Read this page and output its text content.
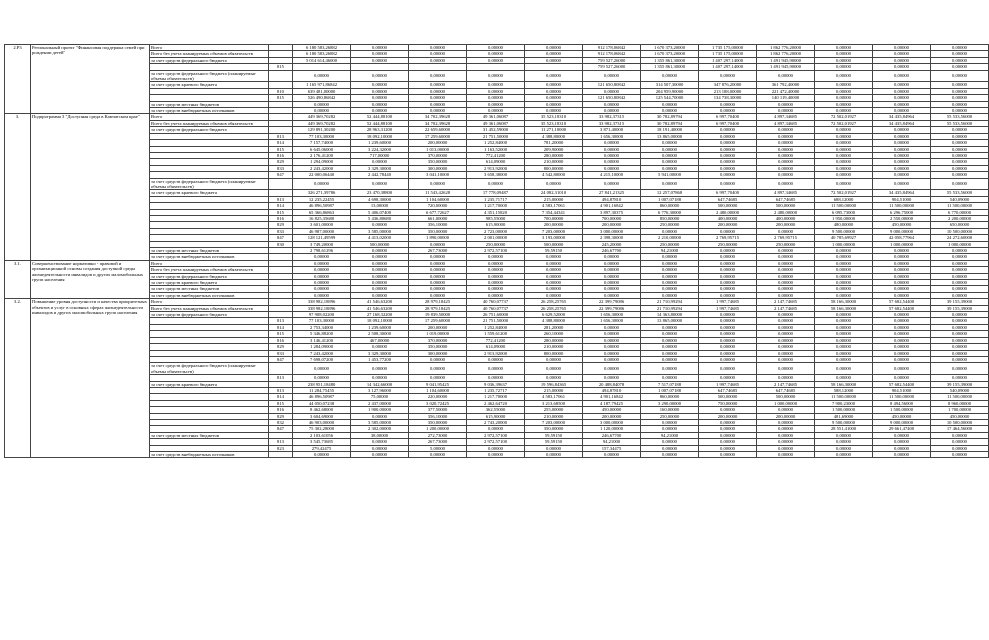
2.Р3	Региональный проект "Финансовая поддержка семей при рождении детей"	Всего		6 180 583,26882	0,00000	0,00000	0,00000	0,00000	912 178,06842	1 670 373,20000	1 735 175,00000	1 862 776,20000	0,00000	0,00000	0,00000
		Всего без учета планируемых объемов обязательств		6 180 583,26882	0,00000	0,00000	0,00000	0,00000	912 178,06842	1 670 373,20000	1 735 175,00000	1 862 776,20000	0,00000	0,00000	0,00000
		за счет средств федерального бюджета		5 014 614,46000	0,00000	0,00000	0,00000	0,00000	759 527,26000	1 355 861,30000	1 407 297,14000	1 491 945,90000	0,00000	0,00000	0,00000
			815						759 527,26000	1 355 861,30000	1 407 297,14000	1 491 945,90000	0,00000	0,00000	0,00000
		за счет средств федерального бюджета (планируемые объемы обязательств)		0,00000	0,00000	0,00000	0,00000	0,00000	0,00000	0,00000	0,00000	0,00000	0,00000	0,00000	0,00000
		за счет средств краевого бюджета		1 165 971,86842	0,00000	0,00000	0,00000	0,00000	121 650,80842	314 507,30000	347 876,20000	361 792,40000	0,00000	0,00000	0,00000
			810	639 481,00000	0,00000	0,00000	0,00000	0,00000	0,00000	204 959,90000	213 188,00000	221 472,40000	0,00000	0,00000	0,00000
			815	526 490,86842	0,00000	0,00000	0,00000	0,00000	121 650,80842	125 544,70000	134 738,30000	140 119,40000	0,00000	0,00000	0,00000
		за счет средств местных бюджетов		0,00000	0,00000	0,00000	0,00000	0,00000	0,00000	0,00000	0,00000	0,00000	0,00000	0,00000	0,00000
		за счет средств внебюджетных источников		0,00000	0,00000	0,00000	0,00000	0,00000	0,00000	0,00000	0,00000	0,00000	0,00000	0,00000	0,00000
3.	Подпрограмма 3 "Доступная среда в Камчатском крае"	Всего		449 369,70282	52 444,88100	34 702,39628	49 361,06087	35 523,18310	33 982,37315	30 782,89794	6 997,70400	4 897,34685	72 502,01927	34 435,84964	55 533,56000
		Всего без учета планируемых объемов обязательств		449 369,70282	52 444,88100	34 702,39628	49 361,06087	35 523,18310	33 982,37315	30 782,89794	6 997,70400	4 897,34685	72 502,01927	34 435,84964	55 533,56000
		за счет средств федерального бюджета		129 891,30200	28 963,31200	22 659,60000	31 452,59000	11 271,10000	3 871,40000	18 191,40000	0,00000	0,00000	0,00000	0,00000	0,00000
			813	77 103,30000	18 092,10000	17 259,60000	21 751,50000	4 388,80000	1 656,30000	13 865,00000	0,00000	0,00000	0,00000	0,00000	0,00000
			814	7 157,74000	1 239,60000	200,00000	1 252,84000	781,20000	0,00000	0,00000	0,00000	0,00000	0,00000	0,00000	0,00000
			815	6 645,06000	3 224,32000	1 013,00000	1 163,52000	209,90000	0,00000	0,00000	0,00000	0,00000	0,00000	0,00000	0,00000
			816	2 176,41200	717,00000	370,00000	772,41200	280,00000	0,00000	0,00000	0,00000	0,00000	0,00000	0,00000	0,00000
			829	1 294,09000	0,00000	350,00000	614,09000	210,00000	0,00000	0,00000	0,00000	0,00000	0,00000	0,00000	0,00000
			833	2 243,42000	3 329,30000	300,00000	2 913,92000	800,00000	0,00000	0,00000	0,00000	0,00000	0,00000	0,00000	0,00000
			847	22 000,06440	2 442,78440	3 041,10000	3 658,38000	4 542,80000	4 215,10000	5 941,00000	0,00000	0,00000	0,00000	0,00000	0,00000
		за счет средств федерального бюджета (планируемые объемы обязательств)		0,00000	0,00000	0,00000	0,00000	0,00000	0,00000	0,00000	0,00000	0,00000	0,00000	0,00000	0,00000
		за счет средств краевого бюджета		326 271,39786	23 470,38800	11 543,42628	17 778,09487	24 082,31010	27 841,21325	12 257,07868	6 997,70400	4 897,34685	72 502,01927	34 435,84964	55 533,56000
			813	12 235,22455	4 698,30000	1 104,60000	1 235,71717	215,00000	494,87810	1 007,07188	647,74685	647,74685	688,12000	904,51000	540,09000
			814	46 896,50987	13,00000	720,00000	1 217,70000	4 583,17061	4 901,16842	860,00000	500,00000	500,00000	11 500,00000	11 500,00000	11 500,00000
			815	65 366,86863	5 406,07400	6 677,72627	4 351,15820	7 354,44341	3 897,30375	6 776,30000	2 480,00000	2 480,00000	6 095,73000	6 296,75000	6 770,00000
			816	16 825,35680	5 436,80680	661,00000	985,55000	700,00000	700,00000	850,00000	400,00000	400,00000	1 950,00000	2 550,00000	2 200,00000
			829	3 601,00000	0,00000	356,10000	615,90000	200,00000	200,00000	250,00000	200,00000	200,00000	480,00000	450,00000	650,00000
			833	46 987,00000	3 585,00000	350,00000	2 723,00000	7 203,00000	3 000,00000	0,00000	0,00000	0,00000	9 500,00000	9 000,00000	10 500,00000
			847	128 121,49599	4 413,02000	1 890,00000	2 001,00000	3 193,00000	2 398,30000	2 210,00000	2 769,95715	2 769,95715	40 785,69927	42 058,77964	24 272,60000
			830	3 749,20000	500,00000	0,00000	250,00000	500,00000	245,20000	250,00000	250,00000	250,00000	1 000,00000	1 000,00000	1 000,00000
		за счет средств местных бюджетов		2 798,61296	0,00000	267,73000	2 972,57100	59,59150	246,67700	94,21000	0,00000	0,00000	0,00000	0,00000	0,00000
		за счет средств внебюджетных источников		0,00000	0,00000	0,00000	0,00000	0,00000	0,00000	0,00000	0,00000	0,00000	0,00000	0,00000	0,00000
3.1.	Совершенствование нормативно - правовой и организационной основы создания доступной среды жизнедеятельности инвалидов и других маломобильных групп населения	Всего		0,00000	0,00000	0,00000	0,00000	0,00000	0,00000	0,00000	0,00000	0,00000	0,00000	0,00000	0,00000
		Всего без учета планируемых объемов обязательств		0,00000	0,00000	0,00000	0,00000	0,00000	0,00000	0,00000	0,00000	0,00000	0,00000	0,00000	0,00000
		за счет средств федерального бюджета		0,00000	0,00000	0,00000	0,00000	0,00000	0,00000	0,00000	0,00000	0,00000	0,00000	0,00000	0,00000
		за счет средств краевого бюджета		0,00000	0,00000	0,00000	0,00000	0,00000	0,00000	0,00000	0,00000	0,00000	0,00000	0,00000	0,00000
		за счет средств местных бюджетов		0,00000	0,00000	0,00000	0,00000	0,00000	0,00000	0,00000	0,00000	0,00000	0,00000	0,00000	0,00000
		за счет средств внебюджетных источников		0,00000	0,00000	0,00000	0,00000	0,00000	0,00000	0,00000	0,00000	0,00000	0,00000	0,00000	0,00000
3.2.	Повышение уровня доступности и качества приоритетных объектов и услуг в основных сферах жизнедеятельности инвалидов и других маломобильных групп населения	Всего		338 982,18896	41 546,63200	28 979,18425	40 760,07737	26 258,25765	22 399,79086	21 710,99294	1 997,74685	2 147,74685	58 166,30000	57 682,54400	39 155,39000
		Всего без учета планируемых объемов обязательств		338 982,18896	41 546,63200	28 979,18425	40 760,07737	26 258,25765	22 399,79086	21 710,99294	1 997,74685	2 147,74685	58 166,30000	57 682,54400	39 155,39000
		за счет средств федерального бюджета		97 908,02200	27 168,32200	19 839,50000	26 751,60000	6 629,52000	1 656,30000	14 363,80000	0,00000	0,00000	0,00000	0,00000	0,00000
			813	77 103,30000	18 092,10000	17 259,60000	21 751,50000	4 388,80000	1 656,30000	13 865,00000	0,00000	0,00000	0,00000	0,00000	0,00000
			814	2 753,34000	1 239,60000	200,00000	1 252,84000	281,20000	0,00000	0,00000	0,00000	0,00000	0,00000	0,00000	0,00000
			815	5 346,88200	2 508,30000	1 019,00000	1 559,61200	260,10000	0,00000	0,00000	0,00000	0,00000	0,00000	0,00000	0,00000
			816	3 146,41200	467,00000	370,00000	772,41200	280,00000	0,00000	0,00000	0,00000	0,00000	0,00000	0,00000	0,00000
			829	1 284,09000	0,00000	350,00000	614,09000	210,00000	0,00000	0,00000	0,00000	0,00000	0,00000	0,00000	0,00000
			833	7 243,42000	3 329,30000	300,00000	2 913,92000	800,00000	0,00000	0,00000	0,00000	0,00000	0,00000	0,00000	0,00000
			847	7 698,07200	1 453,77200	0,00000	0,00000	0,00000	0,00000	0,00000	0,00000	0,00000	0,00000	0,00000	0,00000
		за счет средств федерального бюджета (планируемые объемы обязательств)		0,00000	0,00000	0,00000	0,00000	0,00000	0,00000	0,00000	0,00000	0,00000	0,00000	0,00000	0,00000
			813	0,00000	0,00000	0,00000	0,00000	0,00000	0,00000	0,00000	0,00000	0,00000	0,00000	0,00000	0,00000
		за счет средств краевого бюджета		238 951,18480	14 342,66000	9 041,95425	9 036,39637	19 596,84365	20 488,84078	7 517,07188	1 997,74685	2 147,74685	58 166,30000	57 682,54400	39 155,39000
			813	11 284,75455	3 127,96000	1 104,60000	1 235,72717	215,00000	494,87810	1 007,07188	647,74685	647,74685	588,12000	904,51000	540,09000
			814	46 896,50987	75,00000	220,00000	1 217,70000	4 583,17061	4 901,16842	860,00000	500,00000	500,00000	11 500,00000	11 500,00000	11 500,00000
			815	44 050,07238	2 437,00000	3 020,72425	2 462,64720	3 213,68500	4 187,79425	3 290,00000	750,00000	1 000,00000	7 900,23000	8 494,56000	8 960,00000
			816	8 462,68000	1 900,00000	377,50000	362,55000	255,00000	450,00000	160,00000	0,00000	0,00000	1 500,00000	1 500,00000	1 700,00000
			829	3 604,69000	0,00000	356,10000	615,90000	210,00000	200,00000	250,00000	200,00000	200,00000	481,69000	450,00000	450,00000
			832	46 903,00000	3 585,00000	350,00000	2 743,20000	7 203,00000	3 000,00000	0,00000	0,00000	0,00000	9 500,00000	9 000,00000	10 500,00000
			847	75 302,28000	2 302,00000	1 200,00000	0,00000	350,00000	1 120,00000	0,00000	0,00000	0,00000	28 551,41000	29 661,47400	17 464,56000
		за счет средств местных бюджетов		2 103,61056	38,00000	272,73000	2 972,57100	59,59150	246,67700	94,21000	0,00000	0,00000	0,00000	0,00000	0,00000
			813	3 545,73685	0,00000	267,73000	2 972,57100	59,59150	94,21000	0,00000	0,00000	0,00000	0,00000	0,00000	0,00000
			823	279,42475	0,00000	5,00000	0,00000	0,00000	157,34475	0,00000	0,00000	0,00000	0,00000	0,00000	0,00000
		за счет средств внебюджетных источников		0,00000	0,00000	0,00000	0,00000	0,00000	0,00000	0,00000	0,00000	0,00000	0,00000	0,00000	0,00000
